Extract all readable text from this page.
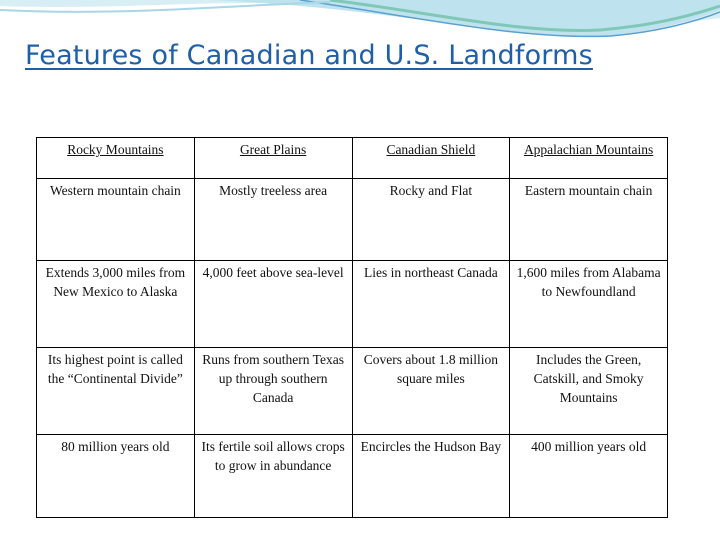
Features of Canadian and U.S. Landforms
Rocky Mountains	Great Plains	Canadian Shield	Appalachian Mountains
Western mountain chain	Mostly treeless area	Rocky and Flat	Eastern mountain chain
Extends 3,000 miles from New Mexico to Alaska	4,000 feet above sea-level	Lies in northeast Canada	1,600 miles from Alabama to Newfoundland
Its highest point is called the “Continental Divide”	Runs from southern Texas up through southern Canada	Covers about 1.8 million square miles	Includes the Green, Catskill, and Smoky Mountains
80 million years old	Its fertile soil allows crops to grow in abundance	Encircles the Hudson Bay	400 million years old
